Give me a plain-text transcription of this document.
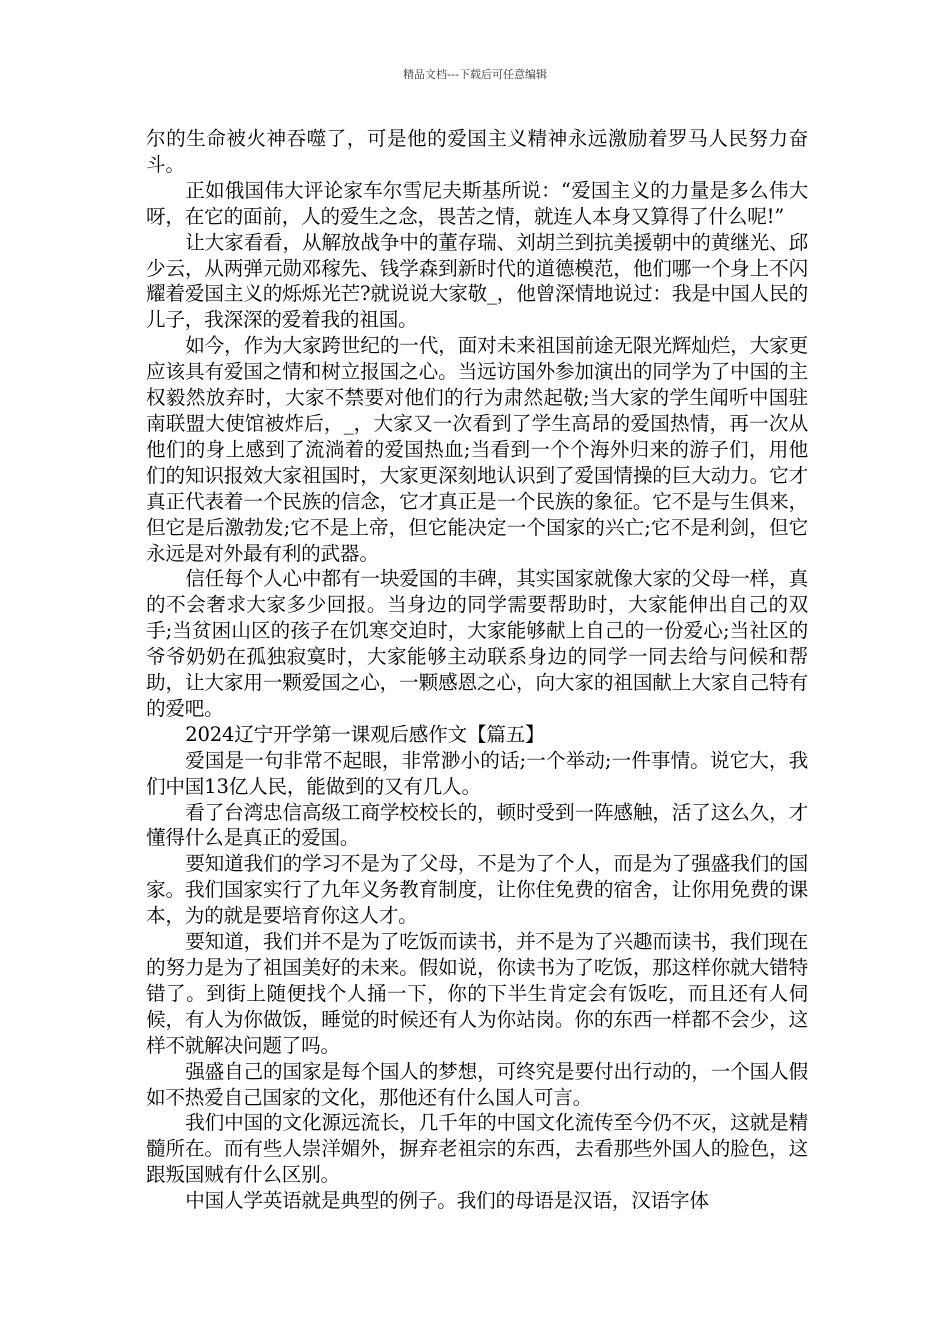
精品文档---下载后可任意编辑

尔的生命被火神吞噬了，可是他的爱国主义精神永远激励着罗马人民努力奋斗。

正如俄国伟大评论家车尔雪尼夫斯基所说：“爱国主义的力量是多么伟大呀，在它的面前，人的爱生之念，畏苦之情，就连人本身又算得了什么呢!”

让大家看看，从解放战争中的董存瑞、刘胡兰到抗美援朝中的黄继光、邱少云，从两弹元勋邓稼先、钱学森到新时代的道德模范，他们哪一个身上不闪耀着爱国主义的烁烁光芒?就说说大家敬_，他曾深情地说过：我是中国人民的儿子，我深深的爱着我的祖国。

如今，作为大家跨世纪的一代，面对未来祖国前途无限光辉灿烂，大家更应该具有爱国之情和树立报国之心。当远访国外参加演出的同学为了中国的主权毅然放弃时，大家不禁要对他们的行为肃然起敬;当大家的学生闻听中国驻南联盟大使馆被炸后，_，大家又一次看到了学生高昂的爱国热情，再一次从他们的身上感到了流淌着的爱国热血;当看到一个个海外归来的游子们，用他们的知识报效大家祖国时，大家更深刻地认识到了爱国情操的巨大动力。它才真正代表着一个民族的信念，它才真正是一个民族的象征。它不是与生俱来，但它是后激勃发;它不是上帝，但它能决定一个国家的兴亡;它不是利剑，但它永远是对外最有利的武器。

信任每个人心中都有一块爱国的丰碑，其实国家就像大家的父母一样，真的不会奢求大家多少回报。当身边的同学需要帮助时，大家能伸出自己的双手;当贫困山区的孩子在饥寒交迫时，大家能够献上自己的一份爱心;当社区的爷爷奶奶在孤独寂寞时，大家能够主动联系身边的同学一同去给与问候和帮助，让大家用一颗爱国之心，一颗感恩之心，向大家的祖国献上大家自己特有的爱吧。

2024辽宁开学第一课观后感作文【篇五】

爱国是一句非常不起眼，非常渺小的话;一个举动;一件事情。说它大，我们中国13亿人民，能做到的又有几人。

看了台湾忠信高级工商学校校长的，顿时受到一阵感触，活了这么久，才懂得什么是真正的爱国。

要知道我们的学习不是为了父母，不是为了个人，而是为了强盛我们的国家。我们国家实行了九年义务教育制度，让你住免费的宿舍，让你用免费的课本，为的就是要培育你这人才。

要知道，我们并不是为了吃饭而读书，并不是为了兴趣而读书，我们现在的努力是为了祖国美好的未来。假如说，你读书为了吃饭，那这样你就大错特错了。到街上随便找个人捅一下，你的下半生肯定会有饭吃，而且还有人伺候，有人为你做饭，睡觉的时候还有人为你站岗。你的东西一样都不会少，这样不就解决问题了吗。

强盛自己的国家是每个国人的梦想，可终究是要付出行动的，一个国人假如不热爱自己国家的文化，那他还有什么国人可言。

我们中国的文化源远流长，几千年的中国文化流传至今仍不灭，这就是精髓所在。而有些人崇洋媚外，摒弃老祖宗的东西，去看那些外国人的脸色，这跟叛国贼有什么区别。

中国人学英语就是典型的例子。我们的母语是汉语，汉语字体
